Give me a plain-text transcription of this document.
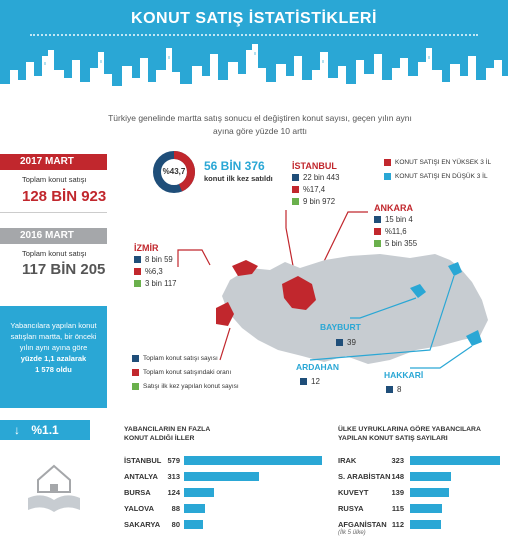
KONUT SATIŞ İSTATİSTİKLERİ
Türkiye genelinde martta satış sonucu el değiştiren konut sayısı, geçen yılın aynı ayına göre yüzde 10 arttı
2017 MART
Toplam konut satışı
128 BİN 923
2016 MART
Toplam konut satışı
117 BİN 205
Yabancılara yapılan konut satışları martta, bir önceki yılın aynı ayına göre
yüzde 1,1 azalarak
1 578 oldu
%43,7	56 BİN 376
konut ilk kez satıldı
KONUT SATIŞI EN YÜKSEK 3 İL
KONUT SATIŞI EN DÜŞÜK 3 İL
İSTANBUL
22 bin 443
%17,4
9 bin 972
ANKARA
15 bin 4
%11,6
5 bin 355
İZMİR
8 bin 59
%6,3
3 bin 117
BAYBURT
39
ARDAHAN
12
HAKKARİ
8
Toplam konut satışı sayısı
Toplam konut satışındaki oranı
Satışı ilk kez yapılan konut sayısı
↓ %1.1	YABANCILARIN EN FAZLA
KONUT ALDIĞI İLLER
İSTANBUL 579
ANTALYA	313
BURSA	124
YALOVA	88
SAKARYA	80
ÜLKE UYRUKLARINA GÖRE YABANCILARA
YAPILAN KONUT SATIŞ SAYILARI
IRAK	323
S. ARABİSTAN 148
KUVEYT	139
RUSYA	115
AFGANİSTAN 112
(İlk 5 ülke)
